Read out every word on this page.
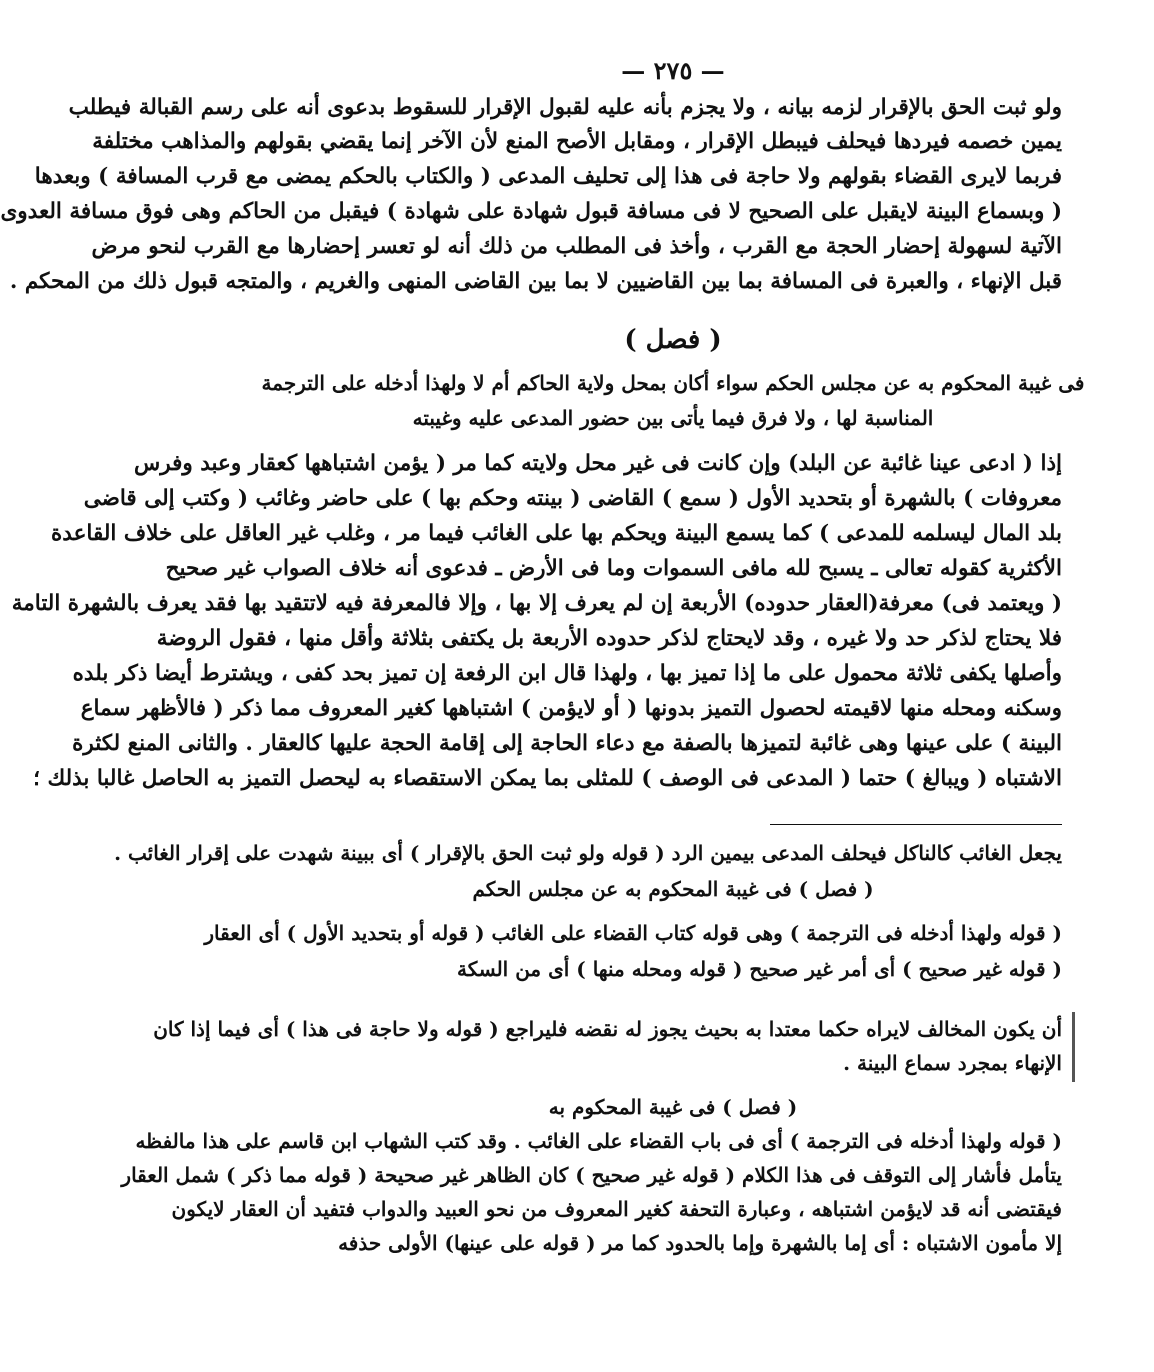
— ٢٧٥ —
ولو ثبت الحق بالإقرار لزمه بيانه ، ولا يجزم بأنه عليه لقبول الإقرار للسقوط بدعوى أنه على رسم القبالة فيطلب
يمين خصمه فيردها فيحلف فيبطل الإقرار ، ومقابل الأصح المنع لأن الآخر إنما يقضي بقولهم والمذاهب مختلفة
فربما لايرى القضاء بقولهم ولا حاجة فى هذا إلى تحليف المدعى ( والكتاب بالحكم يمضى مع قرب المسافة ) وبعدها
( وبسماع البينة لايقبل على الصحيح لا فى مسافة قبول شهادة على شهادة ) فيقبل من الحاكم وهى فوق مسافة العدوى
الآتية لسهولة إحضار الحجة مع القرب ، وأخذ فى المطلب من ذلك أنه لو تعسر إحضارها مع القرب لنحو مرض
قبل الإنهاء ، والعبرة فى المسافة بما بين القاضيين لا بما بين القاضى المنهى والغريم ، والمتجه قبول ذلك من المحكم .
( فصل )
فى غيبة المحكوم به عن مجلس الحكم سواء أكان بمحل ولاية الحاكم أم لا ولهذا أدخله على الترجمة
المناسبة لها ، ولا فرق فيما يأتى بين حضور المدعى عليه وغيبته
إذا ( ادعى عينا غائبة عن البلد) وإن كانت فى غير محل ولايته كما مر ( يؤمن اشتباهها كعقار وعبد وفرس
معروفات ) بالشهرة أو بتحديد الأول ( سمع ) القاضى ( بينته وحكم بها ) على حاضر وغائب ( وكتب إلى قاضى
بلد المال ليسلمه للمدعى ) كما يسمع البينة ويحكم بها على الغائب فيما مر ، وغلب غير العاقل على خلاف القاعدة
الأكثرية كقوله تعالى ـ يسبح لله مافى السموات وما فى الأرض ـ فدعوى أنه خلاف الصواب غير صحيح
( ويعتمد فى) معرفة(العقار حدوده) الأربعة إن لم يعرف إلا بها ، وإلا فالمعرفة فيه لاتتقيد بها فقد يعرف بالشهرة التامة
فلا يحتاج لذكر حد ولا غيره ، وقد لايحتاج لذكر حدوده الأربعة بل يكتفى بثلاثة وأقل منها ، فقول الروضة
وأصلها يكفى ثلاثة محمول على ما إذا تميز بها ، ولهذا قال ابن الرفعة إن تميز بحد كفى ، ويشترط أيضا ذكر بلده
وسكنه ومحله منها لاقيمته لحصول التميز بدونها ( أو لايؤمن ) اشتباهها كغير المعروف مما ذكر ( فالأظهر سماع
البينة ) على عينها وهى غائبة لتميزها بالصفة مع دعاء الحاجة إلى إقامة الحجة عليها كالعقار . والثانى المنع لكثرة
الاشتباه ( ويبالغ ) حتما ( المدعى فى الوصف ) للمثلى بما يمكن الاستقصاء به ليحصل التميز به الحاصل غالبا بذلك ؛
يجعل الغائب كالناكل فيحلف المدعى بيمين الرد ( قوله ولو ثبت الحق بالإقرار ) أى ببينة شهدت على إقرار الغائب .
( فصل ) فى غيبة المحكوم به عن مجلس الحكم
( قوله ولهذا أدخله فى الترجمة ) وهى قوله كتاب القضاء على الغائب ( قوله أو بتحديد الأول ) أى العقار
( قوله غير صحيح ) أى أمر غير صحيح ( قوله ومحله منها ) أى من السكة
أن يكون المخالف لايراه حكما معتدا به بحيث يجوز له نقضه فليراجع ( قوله ولا حاجة فى هذا ) أى فيما إذا كان
الإنهاء بمجرد سماع البينة .
( فصل ) فى غيبة المحكوم به
( قوله ولهذا أدخله فى الترجمة ) أى فى باب القضاء على الغائب . وقد كتب الشهاب ابن قاسم على هذا مالفظه
يتأمل فأشار إلى التوقف فى هذا الكلام ( قوله غير صحيح ) كان الظاهر غير صحيحة ( قوله مما ذكر ) شمل العقار
فيقتضى أنه قد لايؤمن اشتباهه ، وعبارة التحفة كغير المعروف من نحو العبيد والدواب فتفيد أن العقار لايكون
إلا مأمون الاشتباه : أى إما بالشهرة وإما بالحدود كما مر ( قوله على عينها) الأولى حذفه
